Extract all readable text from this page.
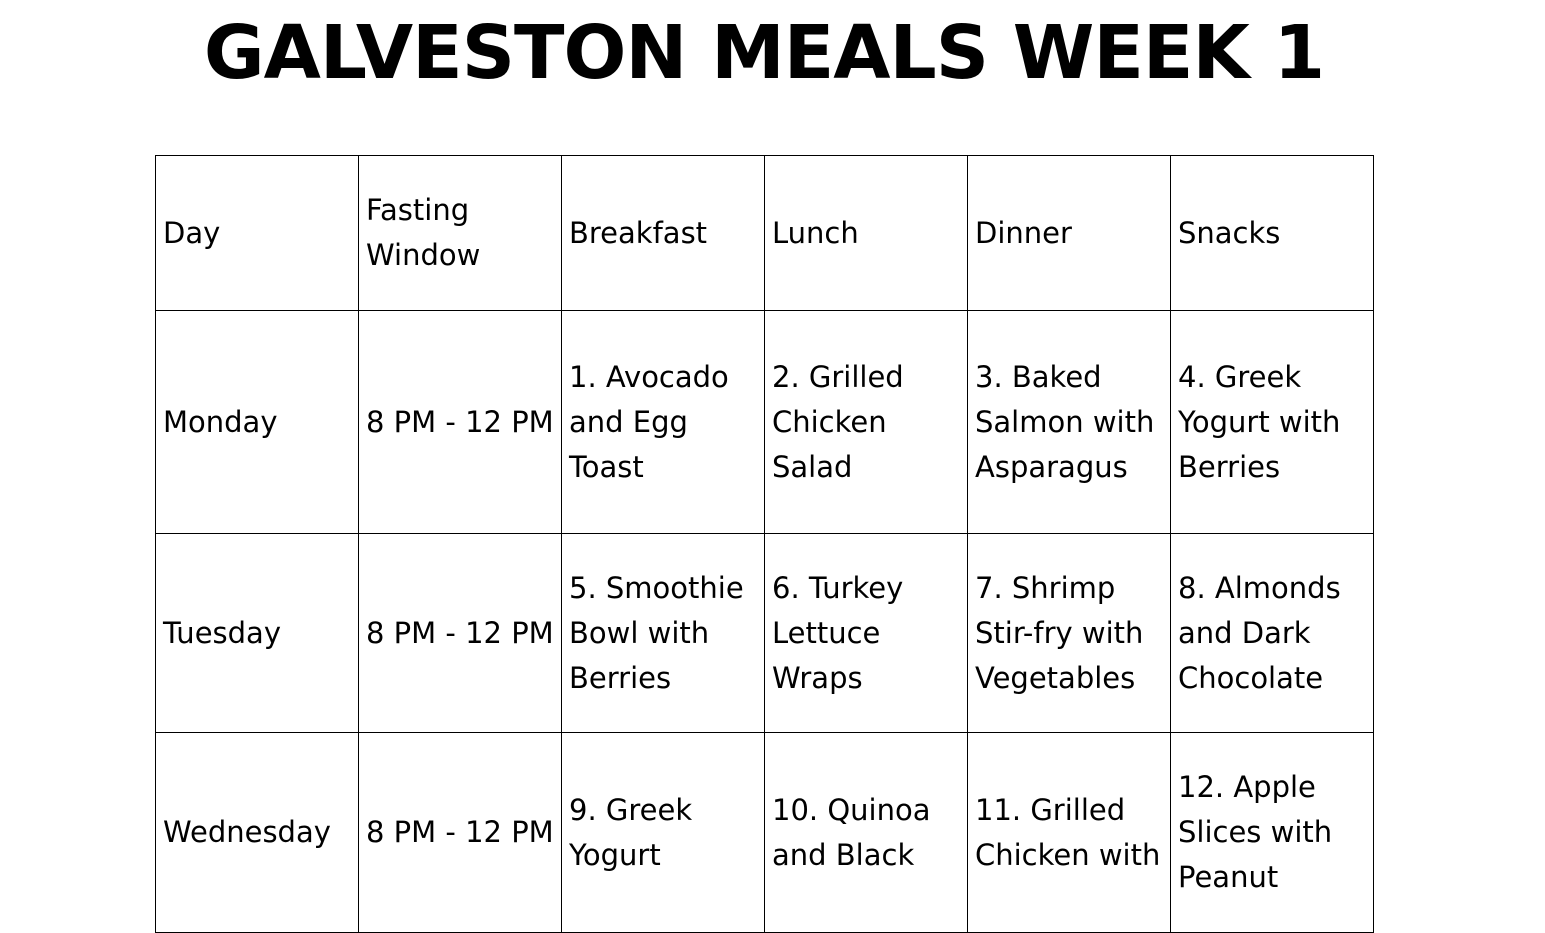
GALVESTON MEALS WEEK 1
Day	Fasting Window	Breakfast	Lunch	Dinner	Snacks

Monday	8 PM - 12 PM	1. Avocado and Egg Toast	2. Grilled Chicken Salad	3. Baked Salmon with Asparagus	4. Greek Yogurt with Berries

Tuesday	8 PM - 12 PM	5. Smoothie Bowl with Berries	6. Turkey Lettuce Wraps	7. Shrimp Stir-fry with Vegetables	8. Almonds and Dark Chocolate

Wednesday	8 PM - 12 PM	9. Greek Yogurt	10. Quinoa and Black	11. Grilled Chicken with	12. Apple Slices with Peanut
